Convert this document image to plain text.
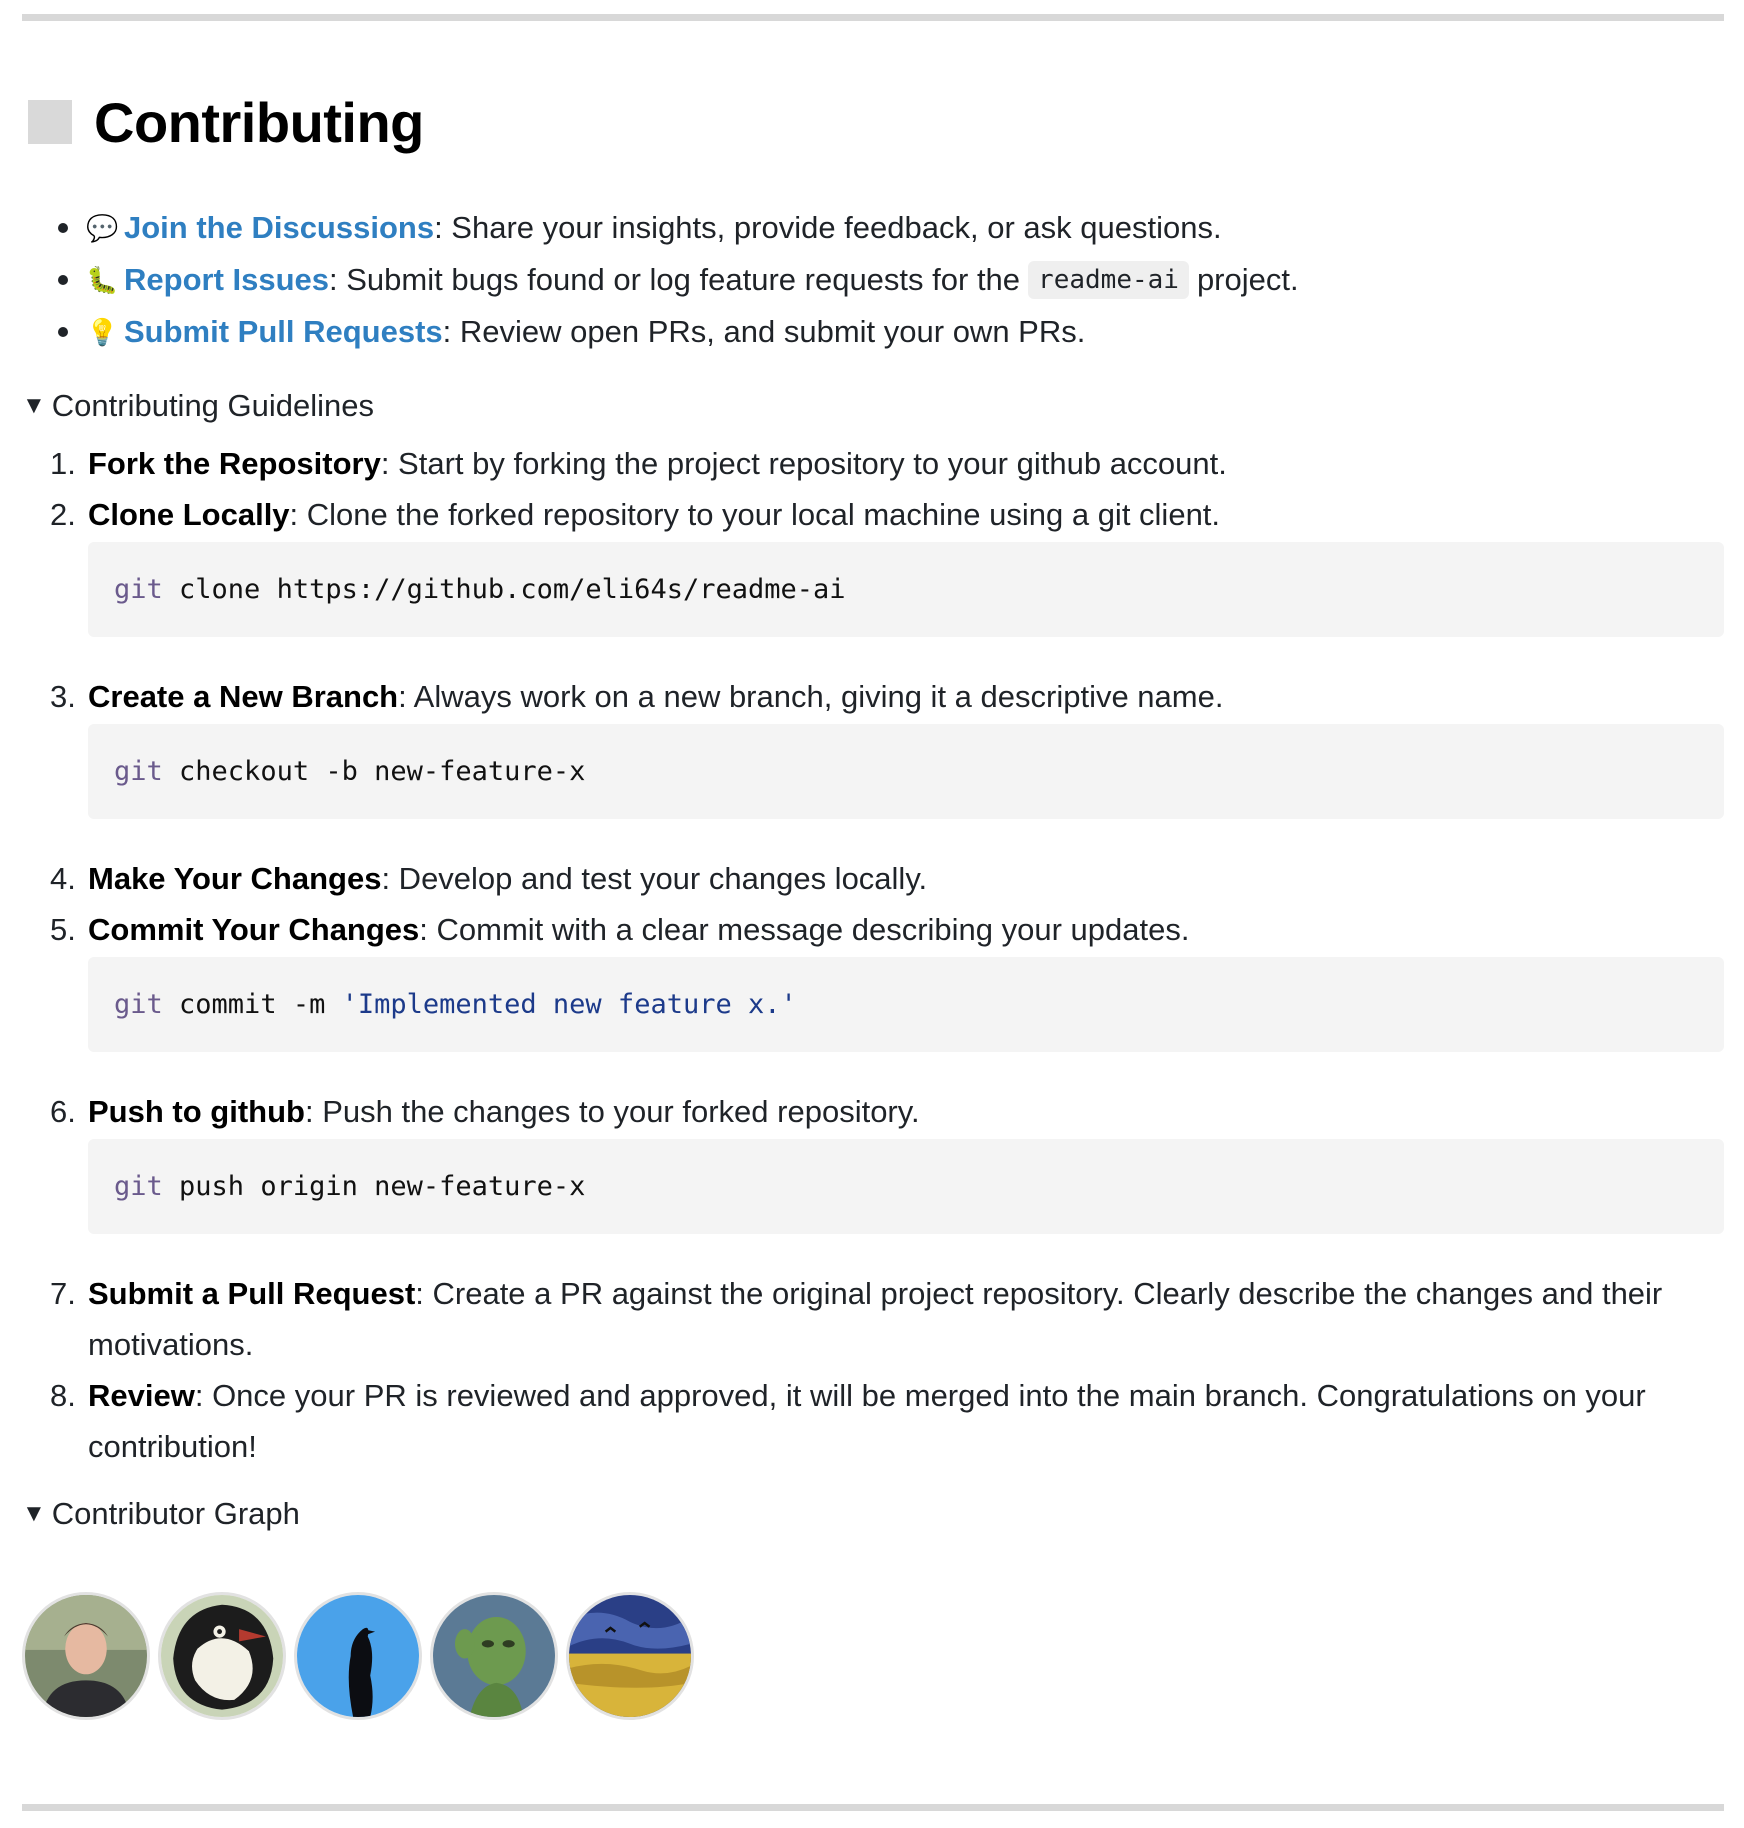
Contributing
💬 Join the Discussions : Share your insights, provide feedback, or ask questions.
🐛 Report Issues : Submit bugs found or log feature requests for the readme-ai project.
💡 Submit Pull Requests : Review open PRs, and submit your own PRs.
▼ Contributing Guidelines
1. Fork the Repository: Start by forking the project repository to your github account.
2. Clone Locally: Clone the forked repository to your local machine using a git client.
git clone https://github.com/eli64s/readme-ai
3. Create a New Branch: Always work on a new branch, giving it a descriptive name.
git checkout -b new-feature-x
4. Make Your Changes: Develop and test your changes locally.
5. Commit Your Changes: Commit with a clear message describing your updates.
git commit -m 'Implemented new feature x.'
6. Push to github: Push the changes to your forked repository.
git push origin new-feature-x
7. Submit a Pull Request: Create a PR against the original project repository. Clearly describe the changes and their motivations.
8. Review: Once your PR is reviewed and approved, it will be merged into the main branch. Congratulations on your contribution!
▼ Contributor Graph
